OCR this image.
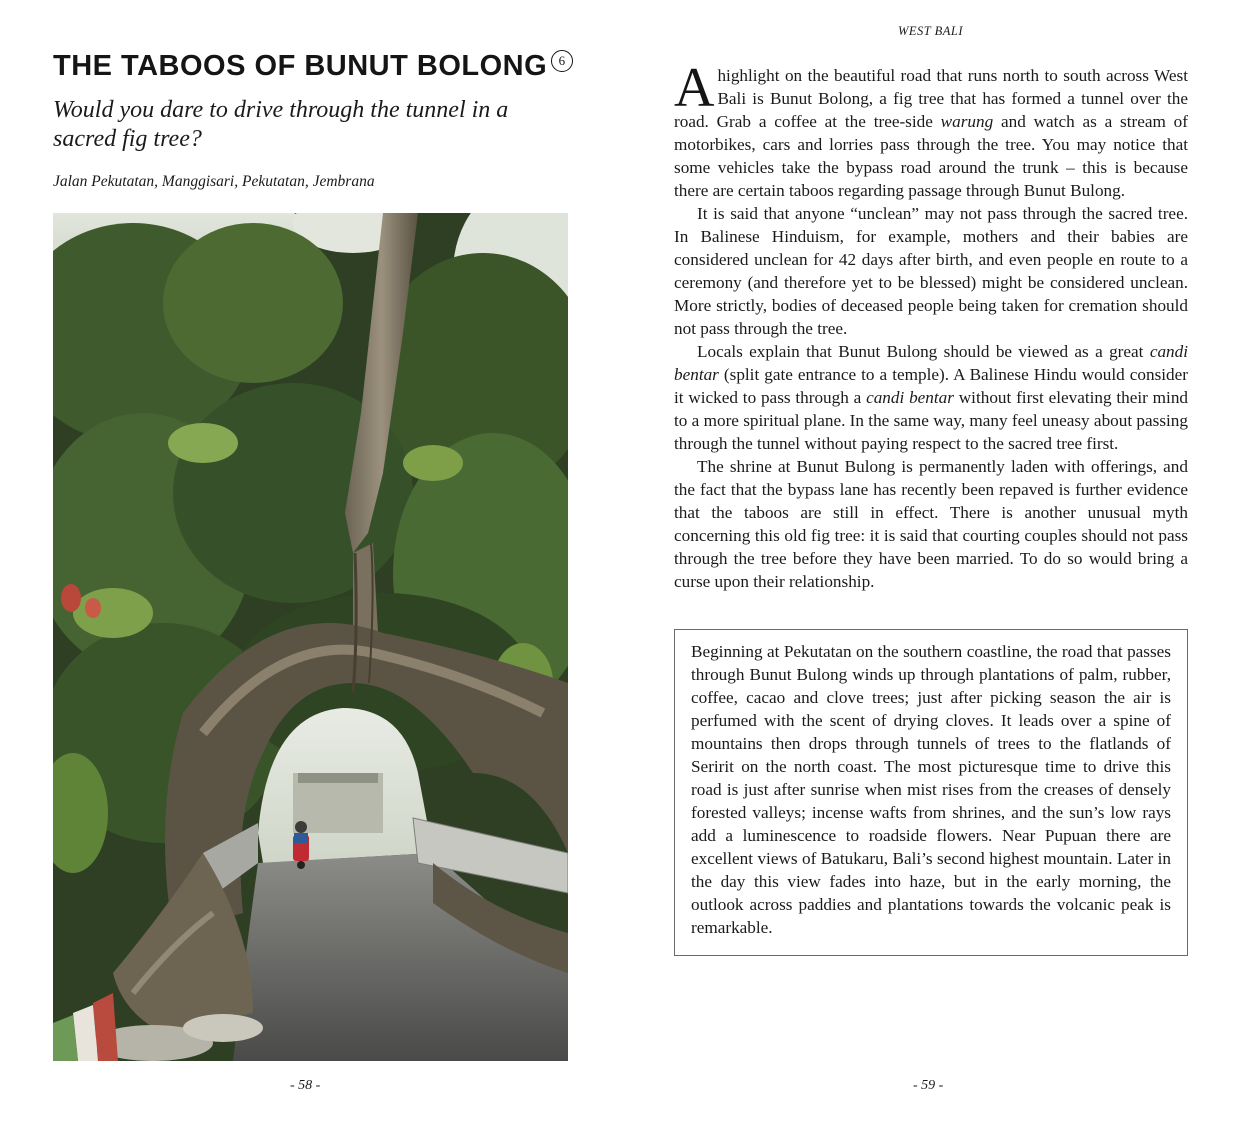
THE TABOOS OF BUNUT BOLONG 6

Would you dare to drive through the tunnel in a sacred fig tree?

Jalan Pekutatan, Manggisari, Pekutatan, Jembrana

- 58 -
WEST BALI

A highlight on the beautiful road that runs north to south across West Bali is Bunut Bolong, a fig tree that has formed a tunnel over the road. Grab a coffee at the tree-side warung and watch as a stream of motorbikes, cars and lorries pass through the tree. You may notice that some vehicles take the bypass road around the trunk – this is because there are certain taboos regarding passage through Bunut Bulong.

It is said that anyone “unclean” may not pass through the sacred tree. In Balinese Hinduism, for example, mothers and their babies are considered unclean for 42 days after birth, and even people en route to a ceremony (and therefore yet to be blessed) might be considered unclean. More strictly, bodies of deceased people being taken for cremation should not pass through the tree.

Locals explain that Bunut Bulong should be viewed as a great candi bentar (split gate entrance to a temple). A Balinese Hindu would consider it wicked to pass through a candi bentar without first elevating their mind to a more spiritual plane. In the same way, many feel uneasy about passing through the tunnel without paying respect to the sacred tree first.

The shrine at Bunut Bulong is permanently laden with offerings, and the fact that the bypass lane has recently been repaved is further evidence that the taboos are still in effect. There is another unusual myth concerning this old fig tree: it is said that courting couples should not pass through the tree before they have been married. To do so would bring a curse upon their relationship.

Beginning at Pekutatan on the southern coastline, the road that passes through Bunut Bulong winds up through plantations of palm, rubber, coffee, cacao and clove trees; just after picking season the air is perfumed with the scent of drying cloves. It leads over a spine of mountains then drops through tunnels of trees to the flatlands of Seririt on the north coast. The most picturesque time to drive this road is just after sunrise when mist rises from the creases of densely forested valleys; incense wafts from shrines, and the sun’s low rays add a luminescence to roadside flowers. Near Pupuan there are excellent views of Batukaru, Bali’s second highest mountain. Later in the day this view fades into haze, but in the early morning, the outlook across paddies and plantations towards the volcanic peak is remarkable.
- 59 -
